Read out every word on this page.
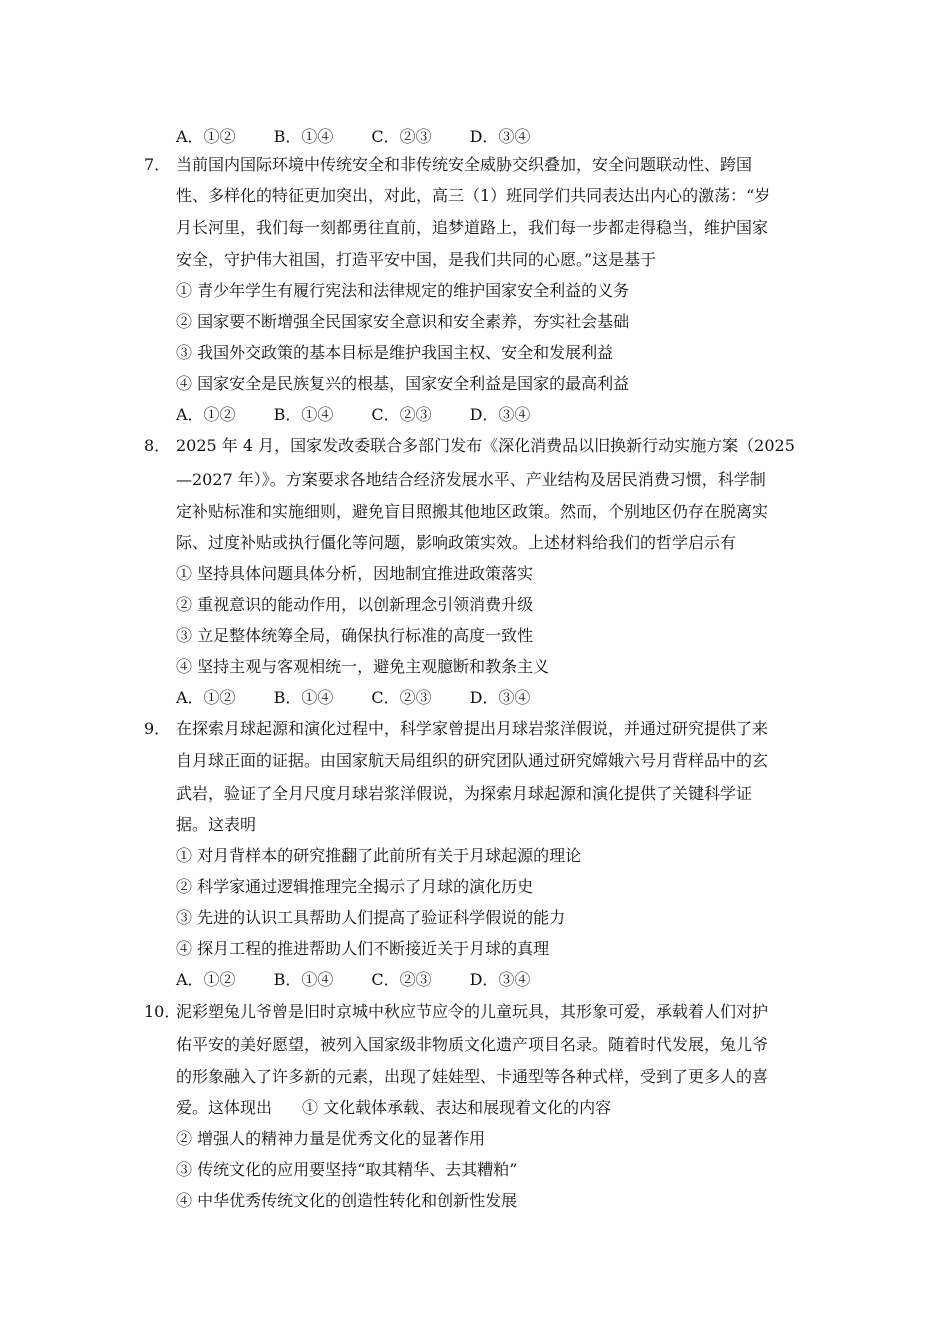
A．①② B．①④ C．②③ D．③④
7． 当前国内国际环境中传统安全和非传统安全威胁交织叠加，安全问题联动性、跨国
性、多样化的特征更加突出，对此，高三（1）班同学们共同表达出内心的激荡：“岁
月长河里，我们每一刻都勇往直前，追梦道路上，我们每一步都走得稳当，维护国家
安全，守护伟大祖国，打造平安中国，是我们共同的心愿。”这是基于
① 青少年学生有履行宪法和法律规定的维护国家安全利益的义务
② 国家要不断增强全民国家安全意识和安全素养，夯实社会基础
③ 我国外交政策的基本目标是维护我国主权、安全和发展利益
④ 国家安全是民族复兴的根基，国家安全利益是国家的最高利益
A．①② B．①④ C．②③ D．③④
8． 2025 年 4 月，国家发改委联合多部门发布《深化消费品以旧换新行动实施方案（2025
—2027 年）》。方案要求各地结合经济发展水平、产业结构及居民消费习惯，科学制
定补贴标准和实施细则，避免盲目照搬其他地区政策。然而，个别地区仍存在脱离实
际、过度补贴或执行僵化等问题，影响政策实效。上述材料给我们的哲学启示有
① 坚持具体问题具体分析，因地制宜推进政策落实
② 重视意识的能动作用，以创新理念引领消费升级
③ 立足整体统筹全局，确保执行标准的高度一致性
④ 坚持主观与客观相统一，避免主观臆断和教条主义
A．①② B．①④ C．②③ D．③④
9． 在探索月球起源和演化过程中，科学家曾提出月球岩浆洋假说，并通过研究提供了来
自月球正面的证据。由国家航天局组织的研究团队通过研究嫦娥六号月背样品中的玄
武岩，验证了全月尺度月球岩浆洋假说，为探索月球起源和演化提供了关键科学证
据。这表明
① 对月背样本的研究推翻了此前所有关于月球起源的理论
② 科学家通过逻辑推理完全揭示了月球的演化历史
③ 先进的认识工具帮助人们提高了验证科学假说的能力
④ 探月工程的推进帮助人们不断接近关于月球的真理
A．①② B．①④ C．②③ D．③④
10．
泥彩塑兔儿爷曾是旧时京城中秋应节应令的儿童玩具，其形象可爱，承载着人们对护
佑平安的美好愿望，被列入国家级非物质文化遗产项目名录。随着时代发展，兔儿爷
的形象融入了许多新的元素，出现了娃娃型、卡通型等各种式样，受到了更多人的喜
爱。这体现出 ① 文化载体承载、表达和展现着文化的内容
② 增强人的精神力量是优秀文化的显著作用
③ 传统文化的应用要坚持“取其精华、去其糟粕”
④ 中华优秀传统文化的创造性转化和创新性发展
